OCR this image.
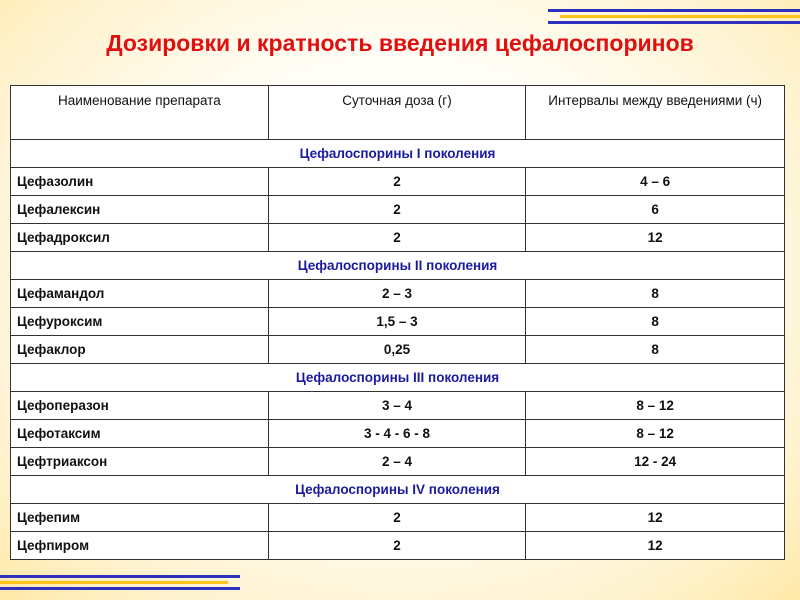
Дозировки и кратность введения цефалоспоринов
Наименование препарата	Суточная доза (г)	Интервалы между введениями (ч)
Цефалоспорины I поколения		
Цефазолин	2	4 – 6
Цефалексин	2	6
Цефадроксил	2	12
Цефалоспорины II поколения		
Цефамандол	2 – 3	8
Цефуроксим	1,5 – 3	8
Цефаклор	0,25	8
Цефалоспорины III поколения		
Цефоперазон	3 – 4	8 – 12
Цефотаксим	3 - 4 - 6 - 8	8 – 12
Цефтриаксон	2 – 4	12 - 24
Цефалоспорины IV поколения		
Цефепим	2	12
Цефпиром	2	12
